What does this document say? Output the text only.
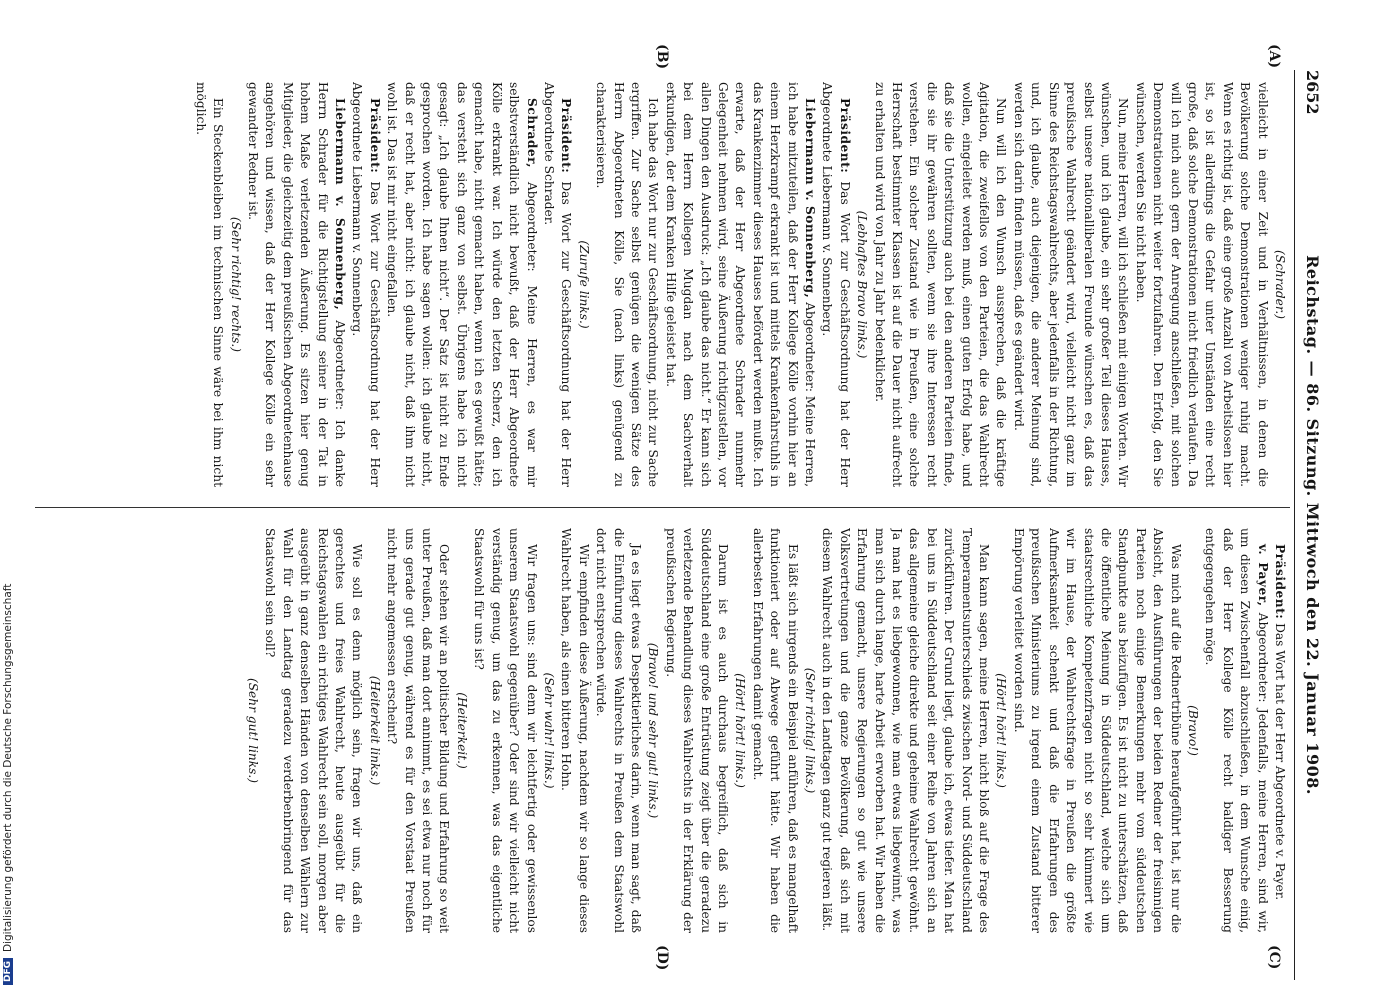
DFGDigitalisierung gefördert durch die Deutsche Forschungsgemeinschaft
2652
Reichstag. — 86. Sitzung. Mittwoch den 22. Januar 1908.
(A)
(B)
(C)
(D)

(Schrader.)

vielleicht in einer Zeit und in Verhältnissen, in denen die Bevölkerung solche Demonstrationen weniger ruhig macht. Wenn es richtig ist, daß eine große Anzahl von Arbeitslosen hier ist, so ist allerdings die Gefahr unter Umständen eine recht große, daß solche Demonstrationen nicht friedlich verlaufen. Da will ich mich auch gern der Anregung anschließen, mit solchen Demonstrationen nicht weiter fortzufahren. Den Erfolg, den Sie wünschen, werden Sie nicht haben.

Nun, meine Herren, will ich schließen mit einigen Worten. Wir wünschen, und ich glaube, ein sehr großer Teil dieses Hauses, selbst unsere nationalliberalen Freunde wünschen es, daß das preußische Wahlrecht geändert wird, vielleicht nicht ganz im Sinne des Reichstagswahlrechts, aber jedenfalls in der Richtung, und, ich glaube, auch diejenigen, die anderer Meinung sind, werden sich darin finden müssen, daß es geändert wird.

Nun will ich den Wunsch aussprechen, daß die kräftige Agitation, die zweifellos von den Parteien, die das Wahlrecht wollen, eingeleitet werden muß, einen guten Erfolg habe, und daß sie die Unterstützung auch bei den anderen Parteien finde, die sie ihr gewähren sollten, wenn sie ihre Interessen recht verstehen. Ein solcher Zustand wie in Preußen, eine solche Herrschaft bestimmter Klassen ist auf die Dauer nicht aufrecht zu erhalten und wird von Jahr zu Jahr bedenklicher.

(Lebhaftes Bravo links.)

Präsident: Das Wort zur Geschäftsordnung hat der Herr Abgeordnete Liebermann v. Sonnenberg.

Liebermann v. Sonnenberg, Abgeordneter: Meine Herren, ich habe mitzuteilen, daß der Herr Kollege Kölle vorhin hier an einem Herzkrampf erkrankt ist und mittels Krankenfahrstuhls in das Krankenzimmer dieses Hauses befördert werden mußte. Ich erwarte, daß der Herr Abgeordnete Schrader nunmehr Gelegenheit nehmen wird, seine Äußerung richtigzustellen, vor allen Dingen den Ausdruck: „Ich glaube das nicht.“ Er kann sich bei dem Herrn Kollegen Mugdan nach dem Sachverhalt erkundigen, der dem Kranken Hilfe geleistet hat.

Ich habe das Wort nur zur Geschäftsordnung, nicht zur Sache ergriffen. Zur Sache selbst genügen die wenigen Sätze des Herrn Abgeordneten Kölle, Sie (nach links) genügend zu charakterisieren.

(Zurufe links.)

Präsident: Das Wort zur Geschäftsordnung hat der Herr Abgeordnete Schrader.

Schrader, Abgeordneter: Meine Herren, es war mir selbstverständlich nicht bewußt, daß der Herr Abgeordnete Kölle erkrankt war. Ich würde den letzten Scherz, den ich gemacht habe, nicht gemacht haben, wenn ich es gewußt hätte; das versteht sich ganz von selbst. Übrigens habe ich nicht gesagt: „Ich glaube Ihnen nicht“. Der Satz ist nicht zu Ende gesprochen worden. Ich habe sagen wollen: ich glaube nicht, daß er recht hat, aber nicht: ich glaube nicht, daß ihm nicht wohl ist. Das ist mir nicht eingefallen.

Präsident: Das Wort zur Geschäftsordnung hat der Herr Abgeordnete Liebermann v. Sonnenberg.

Liebermann v. Sonnenberg, Abgeordneter: Ich danke Herrn Schrader für die Richtigstellung seiner in der Tat in hohem Maße verletzenden Äußerung. Es sitzen hier genug Mitglieder, die gleichzeitig dem preußischen Abgeordnetenhause angehören und wissen, daß der Herr Kollege Kölle ein sehr gewandter Redner ist.

(Sehr richtig! rechts.)

Ein Steckenbleiben im technischen Sinne wäre bei ihm nicht möglich.

Präsident: Das Wort hat der Herr Abgeordnete v. Payer.

v. Payer, Abgeordneter: Jedenfalls, meine Herren, sind wir, um diesen Zwischenfall abzuschließen, in dem Wunsche einig, daß der Herr Kollege Kölle recht baldiger Besserung entgegengehen möge.

(Bravo!)

Was mich auf die Rednertribüne heraufgeführt hat, ist nur die Absicht, den Ausführungen der beiden Redner der freisinnigen Parteien noch einige Bemerkungen mehr vom süddeutschen Standpunkte aus beizufügen. Es ist nicht zu unterschätzen, daß die öffentliche Meinung in Süddeutschland, welche sich um staatsrechtliche Kompetenzfragen nicht so sehr kümmert wie wir im Hause, der Wahlrechtsfrage in Preußen die größte Aufmerksamkeit schenkt und daß die Erfahrungen des preußischen Ministeriums zu irgend einem Zustand bitterer Empörung verleitet worden sind.

(Hört! hört! links.)

Man kann sagen, meine Herren, nicht bloß auf die Frage des Temperamentsunterschieds zwischen Nord- und Süddeutschland zurückführen. Der Grund liegt, glaube ich, etwas tiefer. Man hat bei uns in Süddeutschland seit einer Reihe von Jahren sich an das allgemeine gleiche direkte und geheime Wahlrecht gewöhnt. Ja man hat es liebgewonnen, wie man etwas liebgewinnt, was man sich durch lange, harte Arbeit erworben hat. Wir haben die Erfahrung gemacht, unsere Regierungen so gut wie unsere Volksvertretungen und die ganze Bevölkerung, daß sich mit diesem Wahlrecht auch in den Landtagen ganz gut regieren läßt.

(Sehr richtig! links.)

Es läßt sich nirgends ein Beispiel anführen, daß es mangelhaft funktioniert oder auf Abwege geführt hätte. Wir haben die allerbesten Erfahrungen damit gemacht.

(Hört! hört! links.)

Darum ist es auch durchaus begreiflich, daß sich in Süddeutschland eine große Entrüstung zeigt über die geradezu verletzende Behandlung dieses Wahlrechts in der Erklärung der preußischen Regierung.

(Bravo! und sehr gut! links.)

Ja es liegt etwas Despektierliches darin, wenn man sagt, daß die Einführung dieses Wahlrechts in Preußen dem Staatswohl dort nicht entsprechen würde.

Wir empfinden diese Äußerung, nachdem wir so lange dieses Wahlrecht haben, als einen bitteren Hohn.

(Sehr wahr! links.)

Wir fragen uns: sind denn wir leichtfertig oder gewissenlos unserem Staatswohl gegenüber? Oder sind wir vielleicht nicht verständig genug, um das zu erkennen, was das eigentliche Staatswohl für uns ist?

(Heiterkeit.)

Oder stehen wir an politischer Bildung und Erfahrung so weit unter Preußen, daß man dort annimmt, es sei etwa nur noch für uns gerade gut genug, während es für den Vorstaat Preußen nicht mehr angemessen erscheint?

(Heiterkeit links.)

Wie soll es denn möglich sein, fragen wir uns, daß ein gerechtes und freies Wahlrecht, heute ausgeübt für die Reichstagswahlen ein richtiges Wahlrecht sein soll, morgen aber ausgeübt in ganz denselben Händen von denselben Wählern zur Wahl für den Landtag geradezu verderbenbringend für das Staatswohl sein soll?

(Sehr gut! links.)
